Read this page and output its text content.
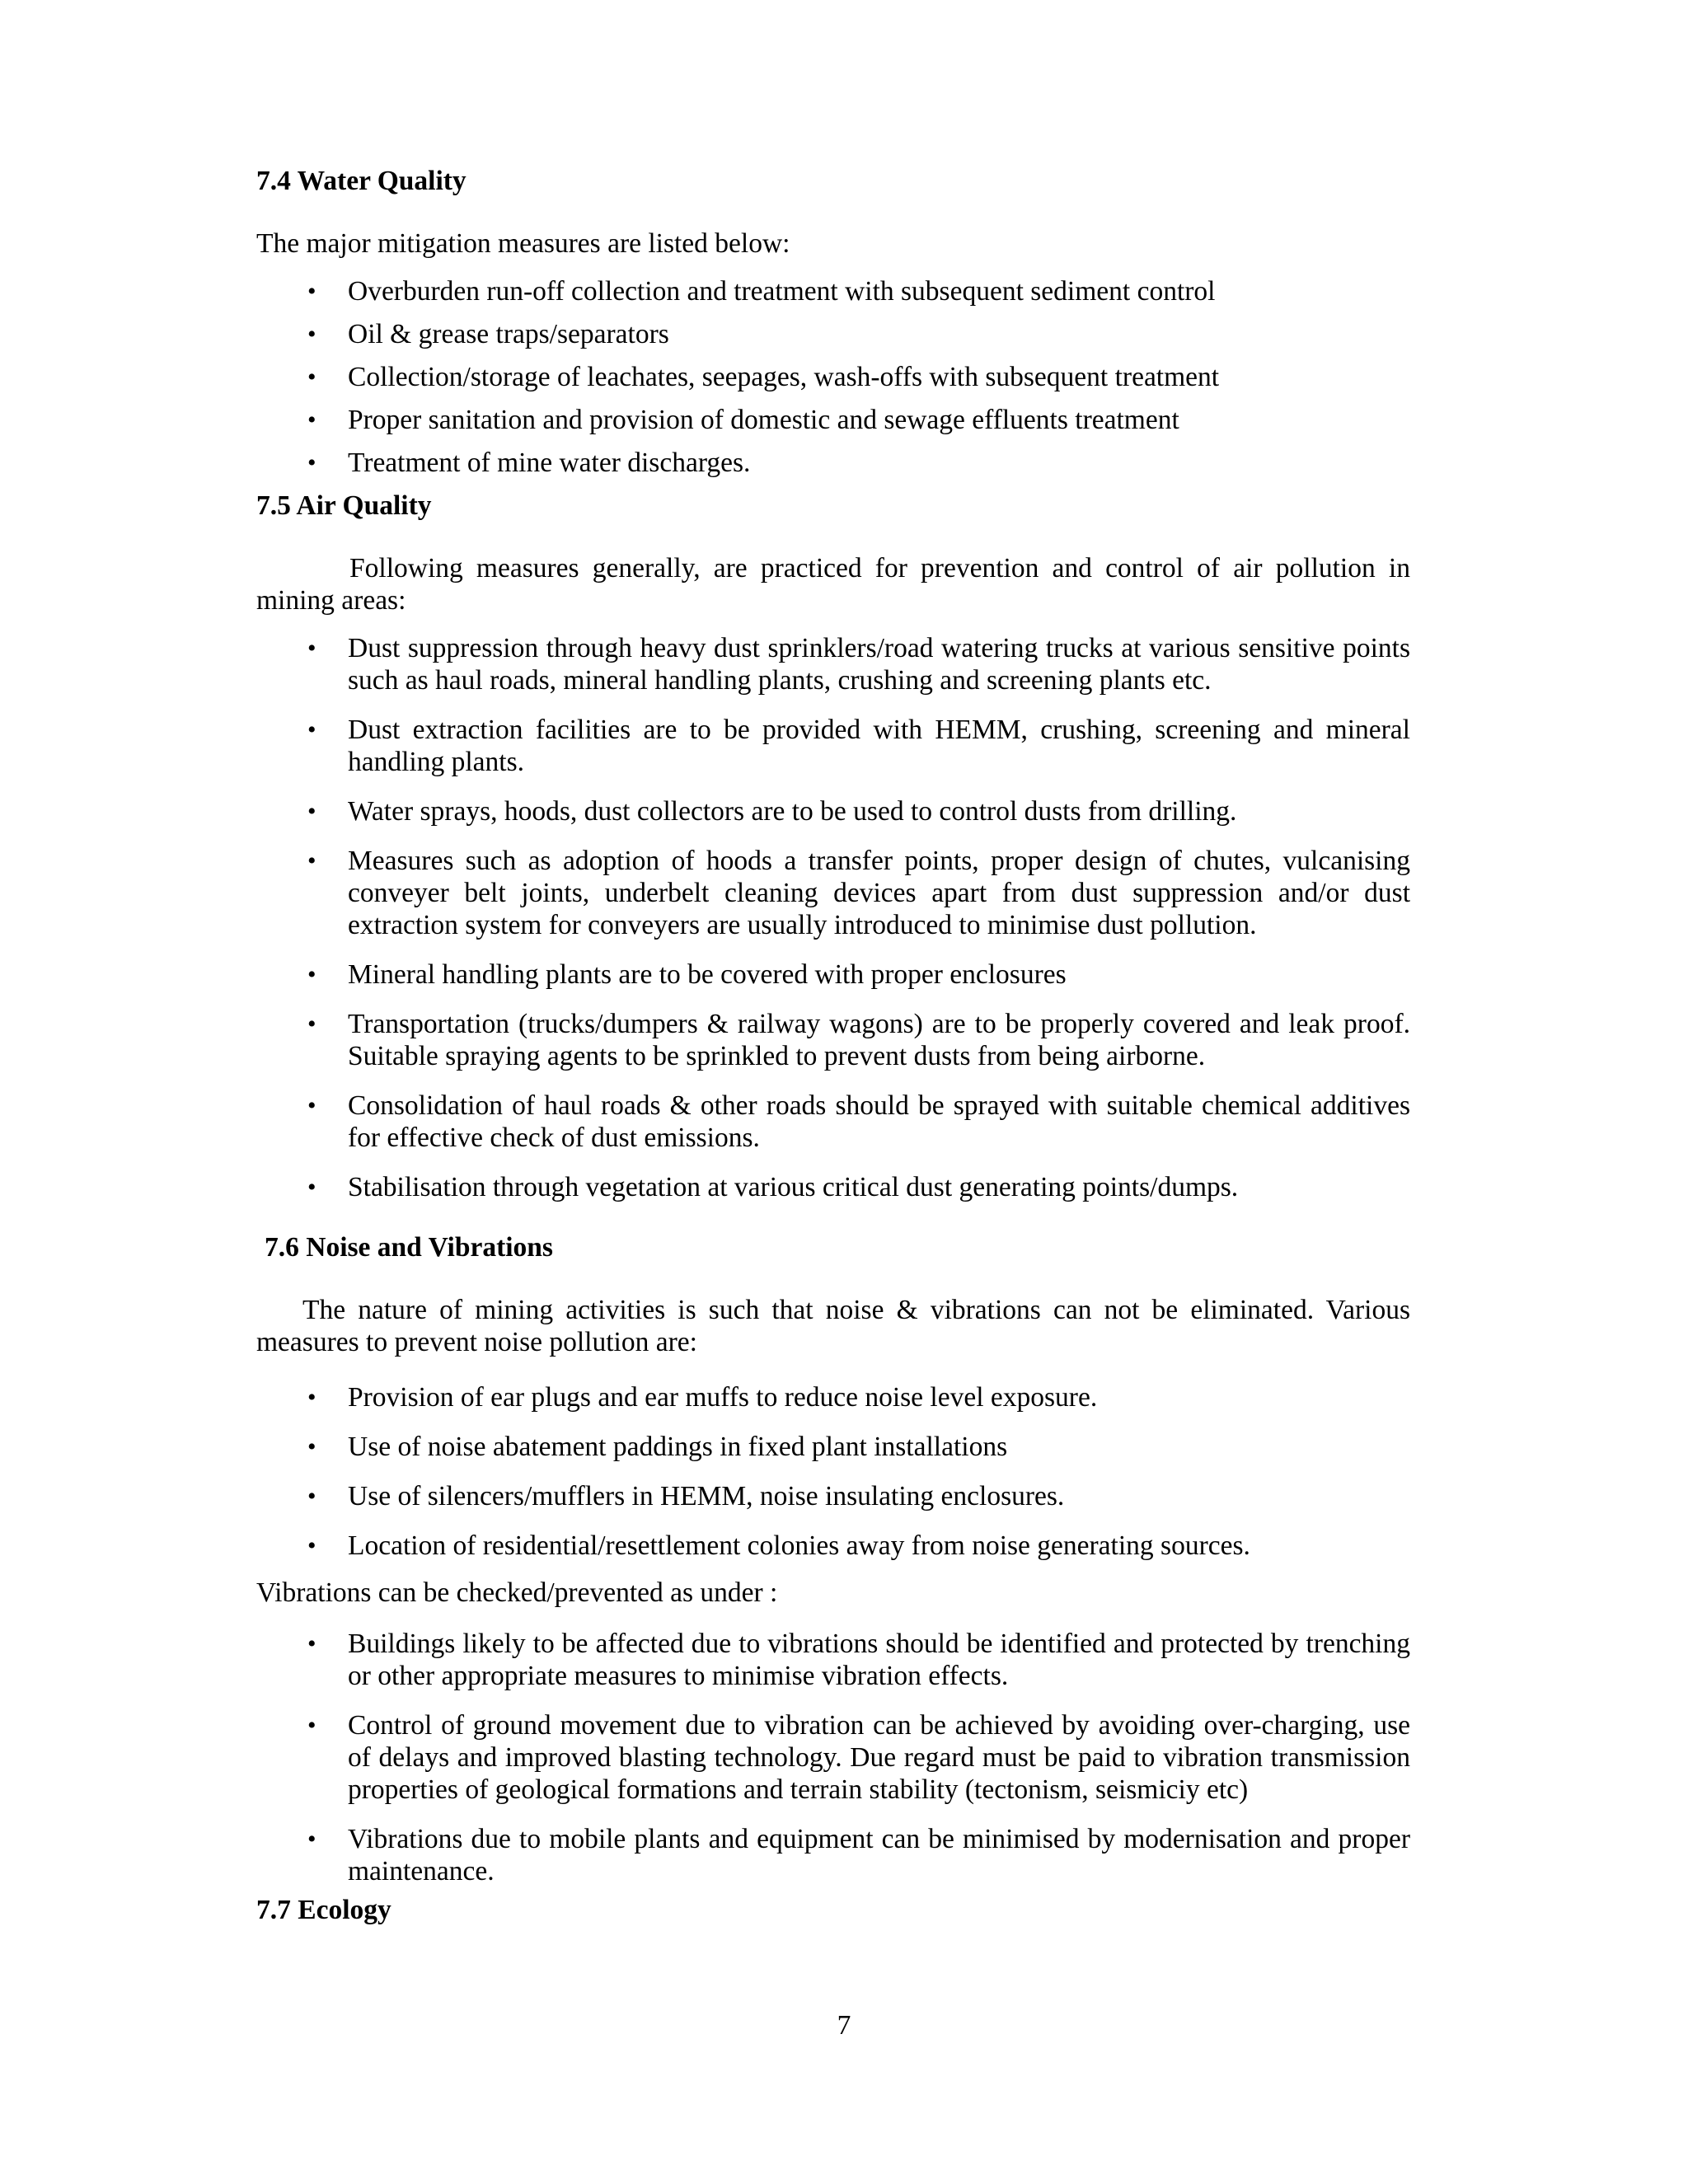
7.4 Water Quality

The major mitigation measures are listed below:

• Overburden run-off collection and treatment with subsequent sediment control
• Oil & grease traps/separators
• Collection/storage of leachates, seepages, wash-offs with subsequent treatment
• Proper sanitation and provision of domestic and sewage effluents treatment
• Treatment of mine water discharges.
7.5 Air Quality

Following measures generally, are practiced for prevention and control of air pollution in mining areas:

• Dust suppression through heavy dust sprinklers/road watering trucks at various sensitive points such as haul roads, mineral handling plants, crushing and screening plants etc.
• Dust extraction facilities are to be provided with HEMM, crushing, screening and mineral handling plants.
• Water sprays, hoods, dust collectors are to be used to control dusts from drilling.
• Measures such as adoption of hoods a transfer points, proper design of chutes, vulcanising conveyer belt joints, underbelt cleaning devices apart from dust suppression and/or dust extraction system for conveyers are usually introduced to minimise dust pollution.
• Mineral handling plants are to be covered with proper enclosures
• Transportation (trucks/dumpers & railway wagons) are to be properly covered and leak proof. Suitable spraying agents to be sprinkled to prevent dusts from being airborne.
• Consolidation of haul roads & other roads should be sprayed with suitable chemical additives for effective check of dust emissions.
• Stabilisation through vegetation at various critical dust generating points/dumps.
7.6 Noise and Vibrations

The nature of mining activities is such that noise & vibrations can not be eliminated. Various measures to prevent noise pollution are:

• Provision of ear plugs and ear muffs to reduce noise level exposure.
• Use of noise abatement paddings in fixed plant installations
• Use of silencers/mufflers in HEMM, noise insulating enclosures.
• Location of residential/resettlement colonies away from noise generating sources.

Vibrations can be checked/prevented as under :

• Buildings likely to be affected due to vibrations should be identified and protected by trenching or other appropriate measures to minimise vibration effects.
• Control of ground movement due to vibration can be achieved by avoiding over-charging, use of delays and improved blasting technology. Due regard must be paid to vibration transmission properties of geological formations and terrain stability (tectonism, seismiciy etc)
• Vibrations due to mobile plants and equipment can be minimised by modernisation and proper maintenance.
7.7 Ecology
7
